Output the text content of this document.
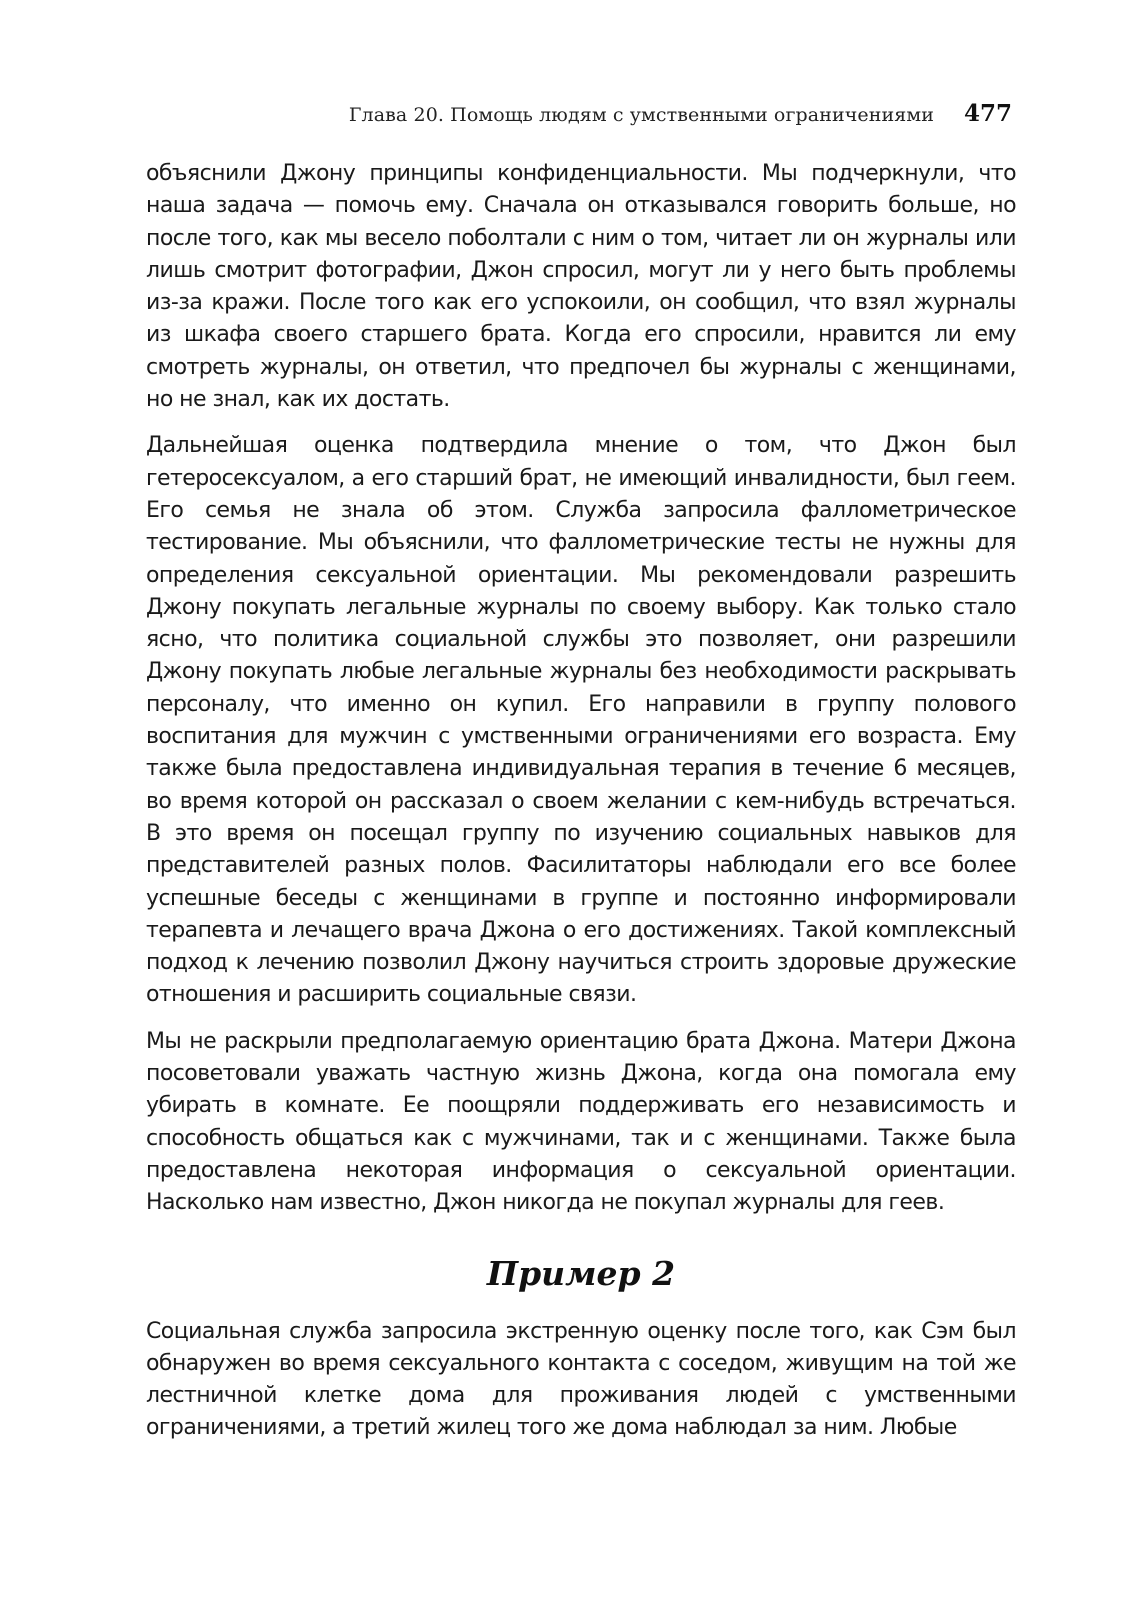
Глава 20. Помощь людям с умственными ограничениями 477

объяснили Джону принципы конфиденциальности. Мы подчеркнули, что наша задача — помочь ему. Сначала он отказывался говорить больше, но после того, как мы весело поболтали с ним о том, читает ли он журналы или лишь смотрит фотографии, Джон спросил, могут ли у него быть проблемы из-за кражи. После того как его успокоили, он сообщил, что взял журналы из шкафа своего старшего брата. Когда его спросили, нравится ли ему смотреть журналы, он ответил, что предпочел бы журналы с женщинами, но не знал, как их достать.

Дальнейшая оценка подтвердила мнение о том, что Джон был гетеросексуалом, а его старший брат, не имеющий инвалидности, был геем. Его семья не знала об этом. Служба запросила фаллометрическое тестирование. Мы объяснили, что фаллометрические тесты не нужны для определения сексуальной ориентации. Мы рекомендовали разрешить Джону покупать легальные журналы по своему выбору. Как только стало ясно, что политика социальной службы это позволяет, они разрешили Джону покупать любые легальные журналы без необходимости раскрывать персоналу, что именно он купил. Его направили в группу полового воспитания для мужчин с умственными ограничениями его возраста. Ему также была предоставлена индивидуальная терапия в течение 6 месяцев, во время которой он рассказал о своем желании с кем-нибудь встречаться. В это время он посещал группу по изучению социальных навыков для представителей разных полов. Фасилитаторы наблюдали его все более успешные беседы с женщинами в группе и постоянно информировали терапевта и лечащего врача Джона о его достижениях. Такой комплексный подход к лечению позволил Джону научиться строить здоровые дружеские отношения и расширить социальные связи.

Мы не раскрыли предполагаемую ориентацию брата Джона. Матери Джона посоветовали уважать частную жизнь Джона, когда она помогала ему убирать в комнате. Ее поощряли поддерживать его независимость и способность общаться как с мужчинами, так и с женщинами. Также была предоставлена некоторая информация о сексуальной ориентации. Насколько нам известно, Джон никогда не покупал журналы для геев.

Пример 2

Социальная служба запросила экстренную оценку после того, как Сэм был обнаружен во время сексуального контакта с соседом, живущим на той же лестничной клетке дома для проживания людей с умственными ограничениями, а третий жилец того же дома наблюдал за ним. Любые
